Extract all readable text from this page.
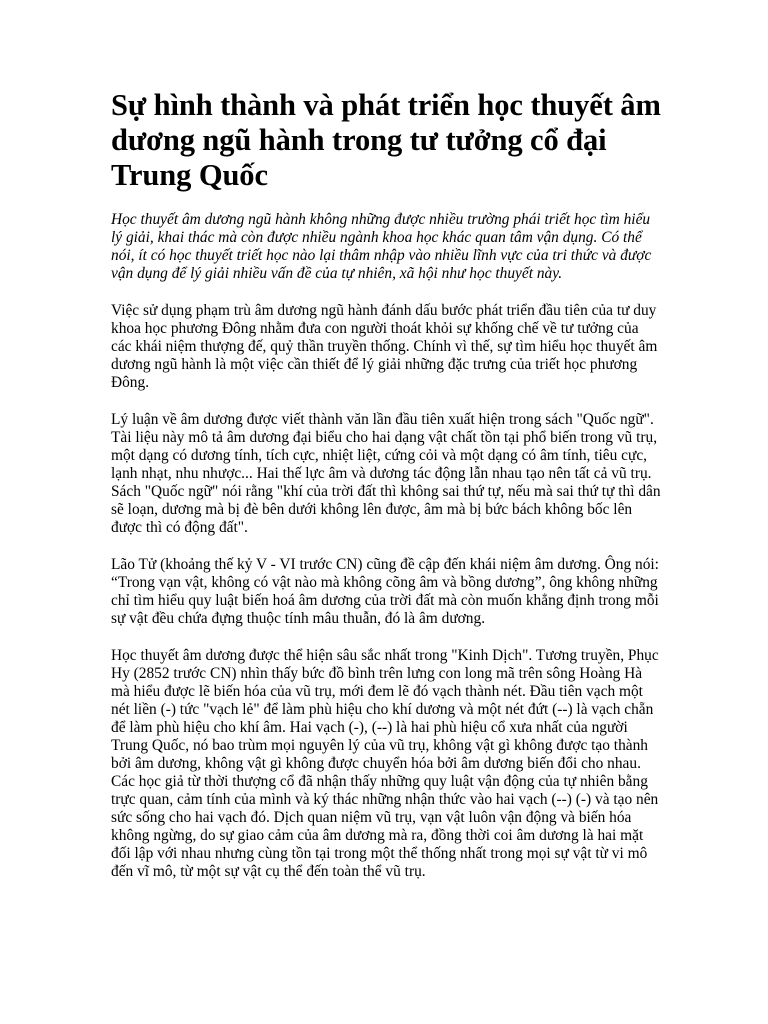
Sự hình thành và phát triển học thuyết âm dương ngũ hành trong tư tưởng cổ đại Trung Quốc

Học thuyết âm dương ngũ hành không những được nhiều trường phái triết học tìm hiểu lý giải, khai thác mà còn được nhiều ngành khoa học khác quan tâm vận dụng. Có thể nói, ít có học thuyết triết học nào lại thâm nhập vào nhiều lĩnh vực của tri thức và được vận dụng để lý giải nhiều vấn đề của tự nhiên, xã hội như học thuyết này.

Việc sử dụng phạm trù âm dương ngũ hành đánh dấu bước phát triển đầu tiên của tư duy khoa học phương Đông nhằm đưa con người thoát khỏi sự khống chế về tư tưởng của các khái niệm thượng đế, quỷ thần truyền thống. Chính vì thế, sự tìm hiểu học thuyết âm dương ngũ hành là một việc cần thiết để lý giải những đặc trưng của triết học phương Đông.

Lý luận về âm dương được viết thành văn lần đầu tiên xuất hiện trong sách "Quốc ngữ". Tài liệu này mô tả âm dương đại biểu cho hai dạng vật chất tồn tại phổ biến trong vũ trụ, một dạng có dương tính, tích cực, nhiệt liệt, cứng cỏi và một dạng có âm tính, tiêu cực, lạnh nhạt, nhu nhược... Hai thế lực âm và dương tác động lẫn nhau tạo nên tất cả vũ trụ. Sách "Quốc ngữ" nói rằng "khí của trời đất thì không sai thứ tự, nếu mà sai thứ tự thì dân sẽ loạn, dương mà bị đè bên dưới không lên được, âm mà bị bức bách không bốc lên được thì có động đất".

Lão Tử (khoảng thế kỷ V - VI trước CN) cũng đề cập đến khái niệm âm dương. Ông nói: “Trong vạn vật, không có vật nào mà không cõng âm và bồng dương”, ông không những chỉ tìm hiểu quy luật biến hoá âm dương của trời đất mà còn muốn khẳng định trong mỗi sự vật đều chứa đựng thuộc tính mâu thuẫn, đó là âm dương.

Học thuyết âm dương được thể hiện sâu sắc nhất trong "Kinh Dịch". Tương truyền, Phục Hy (2852 trước CN) nhìn thấy bức đồ bình trên lưng con long mã trên sông Hoàng Hà mà hiểu được lẽ biến hóa của vũ trụ, mới đem lẽ đó vạch thành nét. Đầu tiên vạch một nét liền (-) tức "vạch lẻ" để làm phù hiệu cho khí dương và một nét đứt (--) là vạch chẵn để làm phù hiệu cho khí âm. Hai vạch (-), (--) là hai phù hiệu cổ xưa nhất của người Trung Quốc, nó bao trùm mọi nguyên lý của vũ trụ, không vật gì không được tạo thành bởi âm dương, không vật gì không được chuyển hóa bởi âm dương biến đổi cho nhau. Các học giả từ thời thượng cổ đã nhận thấy những quy luật vận động của tự nhiên bằng trực quan, cảm tính của mình và ký thác những nhận thức vào hai vạch (--) (-) và tạo nên sức sống cho hai vạch đó. Dịch quan niệm vũ trụ, vạn vật luôn vận động và biến hóa không ngừng, do sự giao cảm của âm dương mà ra, đồng thời coi âm dương là hai mặt đối lập với nhau nhưng cùng tồn tại trong một thể thống nhất trong mọi sự vật từ vi mô đến vĩ mô, từ một sự vật cụ thể đến toàn thể vũ trụ.
